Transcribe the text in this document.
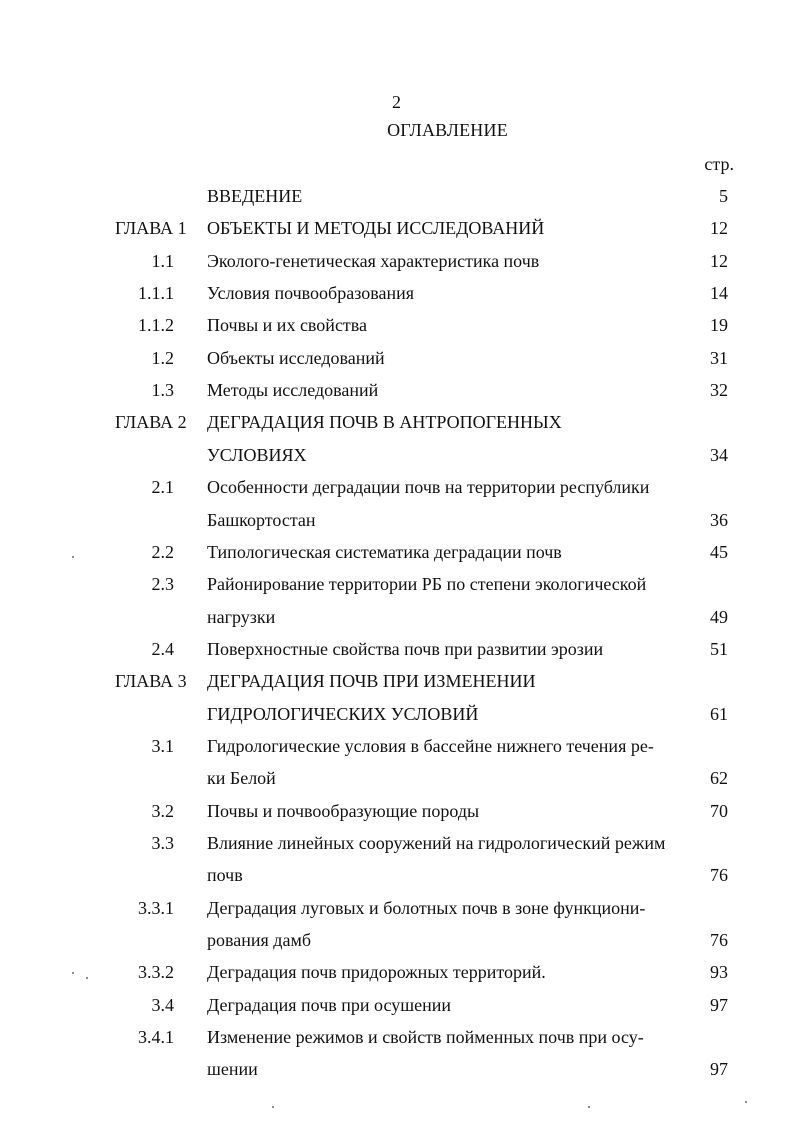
2
ОГЛАВЛЕНИЕ
стр.
ВВЕДЕНИЕ	5
ГЛАВА 1 ОБЪЕКТЫ И МЕТОДЫ ИССЛЕДОВАНИЙ	12
1.1 Эколого-генетическая характеристика почв	12
1.1.1 Условия почвообразования	14
1.1.2 Почвы и их свойства	19
1.2 Объекты исследований	31
1.3 Методы исследований	32
ГЛАВА 2 ДЕГРАДАЦИЯ ПОЧВ В АНТРОПОГЕННЫХ
УСЛОВИЯХ	34
2.1 Особенности деградации почв на территории республики
Башкортостан	36
2.2 Типологическая систематика деградации почв	45
2.3 Районирование территории РБ по степени экологической
нагрузки	49
2.4 Поверхностные свойства почв при развитии эрозии	51
ГЛАВА 3 ДЕГРАДАЦИЯ ПОЧВ ПРИ ИЗМЕНЕНИИ
ГИДРОЛОГИЧЕСКИХ УСЛОВИЙ	61
3.1 Гидрологические условия в бассейне нижнего течения ре-
ки Белой	62
3.2 Почвы и почвообразующие породы	70
3.3 Влияние линейных сооружений на гидрологический режим
почв	76
3.3.1 Деградация луговых и болотных почв в зоне функциони-
рования дамб	76
3.3.2 Деградация почв придорожных территорий.	93
3.4 Деградация почв при осушении	97
3.4.1 Изменение режимов и свойств пойменных почв при осу-
шении	97
